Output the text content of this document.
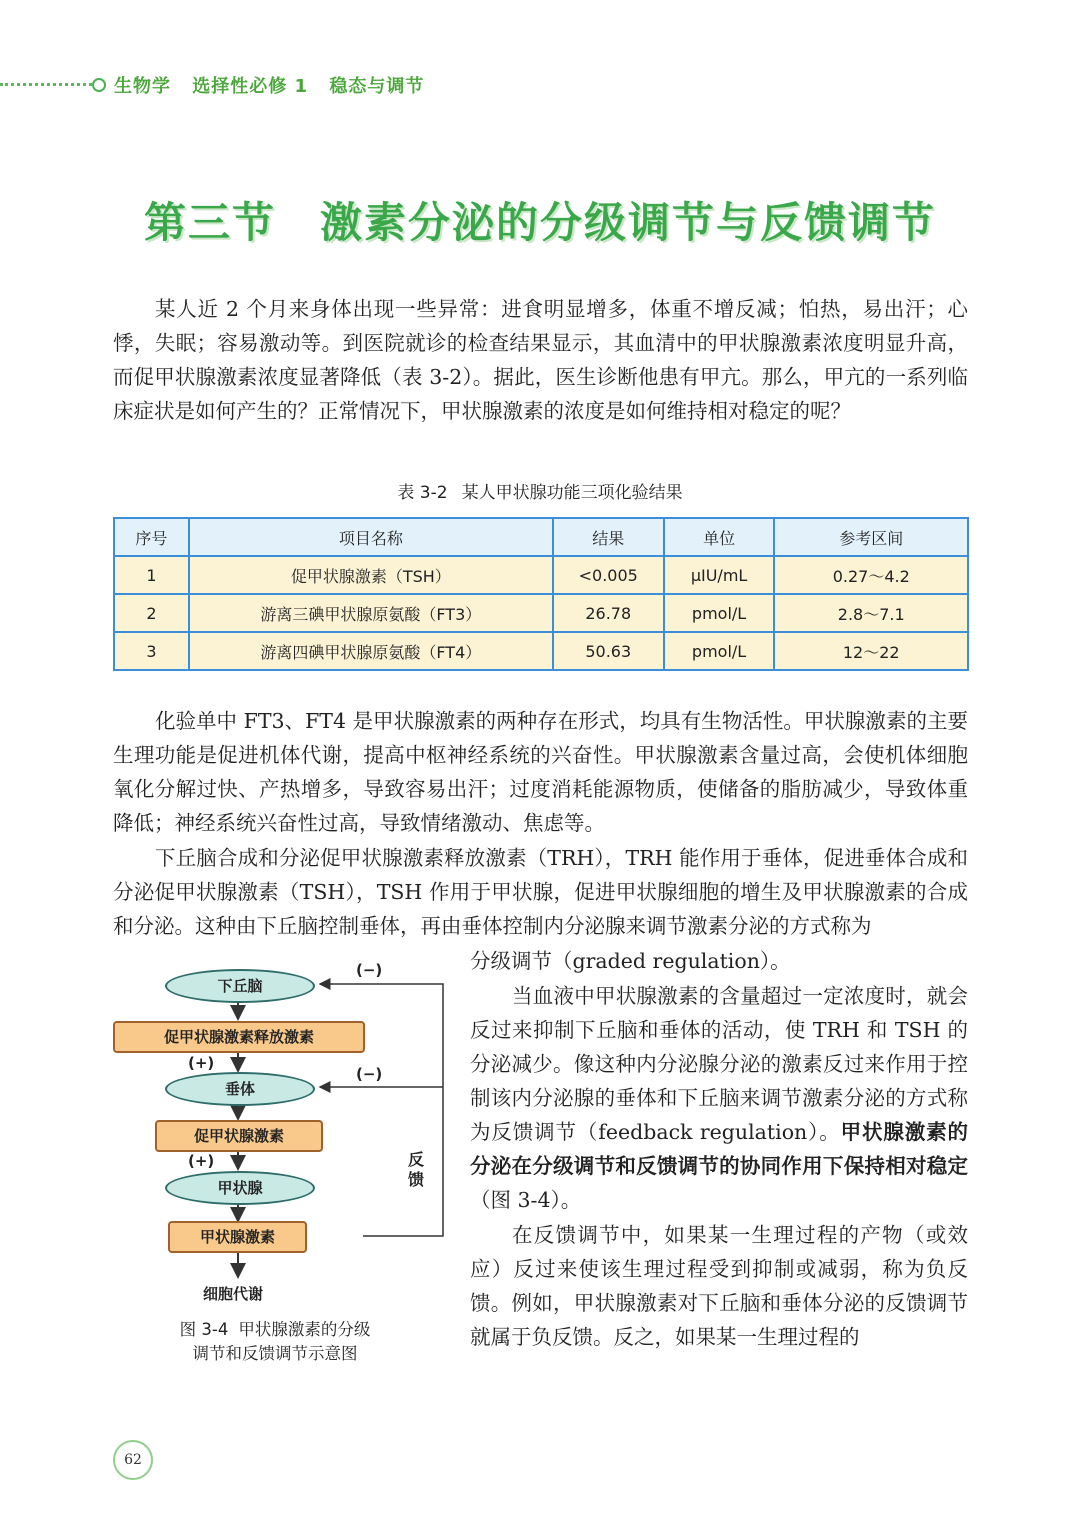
生物学 选择性必修 1 稳态与调节
第三节 激素分泌的分级调节与反馈调节
某人近 2 个月来身体出现一些异常：进食明显增多，体重不增反减；怕热，易出汗；心悸，失眠；容易激动等。到医院就诊的检查结果显示，其血清中的甲状腺激素浓度明显升高，而促甲状腺激素浓度显著降低（表 3-2）。据此，医生诊断他患有甲亢。那么，甲亢的一系列临床症状是如何产生的？正常情况下，甲状腺激素的浓度是如何维持相对稳定的呢？
表 3-2 某人甲状腺功能三项化验结果
序号	项目名称	结果	单位	参考区间
1	促甲状腺激素（TSH）	<0.005	μIU/mL	0.27～4.2
2	游离三碘甲状腺原氨酸（FT3）	26.78	pmol/L	2.8～7.1
3	游离四碘甲状腺原氨酸（FT4）	50.63	pmol/L	12～22
化验单中 FT3、FT4 是甲状腺激素的两种存在形式，均具有生物活性。甲状腺激素的主要生理功能是促进机体代谢，提高中枢神经系统的兴奋性。甲状腺激素含量过高，会使机体细胞氧化分解过快、产热增多，导致容易出汗；过度消耗能源物质，使储备的脂肪减少，导致体重降低；神经系统兴奋性过高，导致情绪激动、焦虑等。
下丘脑合成和分泌促甲状腺激素释放激素（TRH），TRH 能作用于垂体，促进垂体合成和分泌促甲状腺激素（TSH），TSH 作用于甲状腺，促进甲状腺细胞的增生及甲状腺激素的合成和分泌。这种由下丘脑控制垂体，再由垂体控制内分泌腺来调节激素分泌的方式称为
分级调节（graded regulation）。
当血液中甲状腺激素的含量超过一定浓度时，就会反过来抑制下丘脑和垂体的活动，使 TRH 和 TSH 的分泌减少。像这种内分泌腺分泌的激素反过来作用于控制该内分泌腺的垂体和下丘脑来调节激素分泌的方式称为反馈调节（feedback regulation）。甲状腺激素的分泌在分级调节和反馈调节的协同作用下保持相对稳定（图 3-4）。
在反馈调节中，如果某一生理过程的产物（或效应）反过来使该生理过程受到抑制或减弱，称为负反馈。例如，甲状腺激素对下丘脑和垂体分泌的反馈调节就属于负反馈。反之，如果某一生理过程的
下丘脑
促甲状腺激素释放激素
(+)
垂体
促甲状腺激素
(+)
甲状腺
甲状腺激素
(−)
(−)
反馈
细胞代谢
图 3-4 甲状腺激素的分级
调节和反馈调节示意图
62
